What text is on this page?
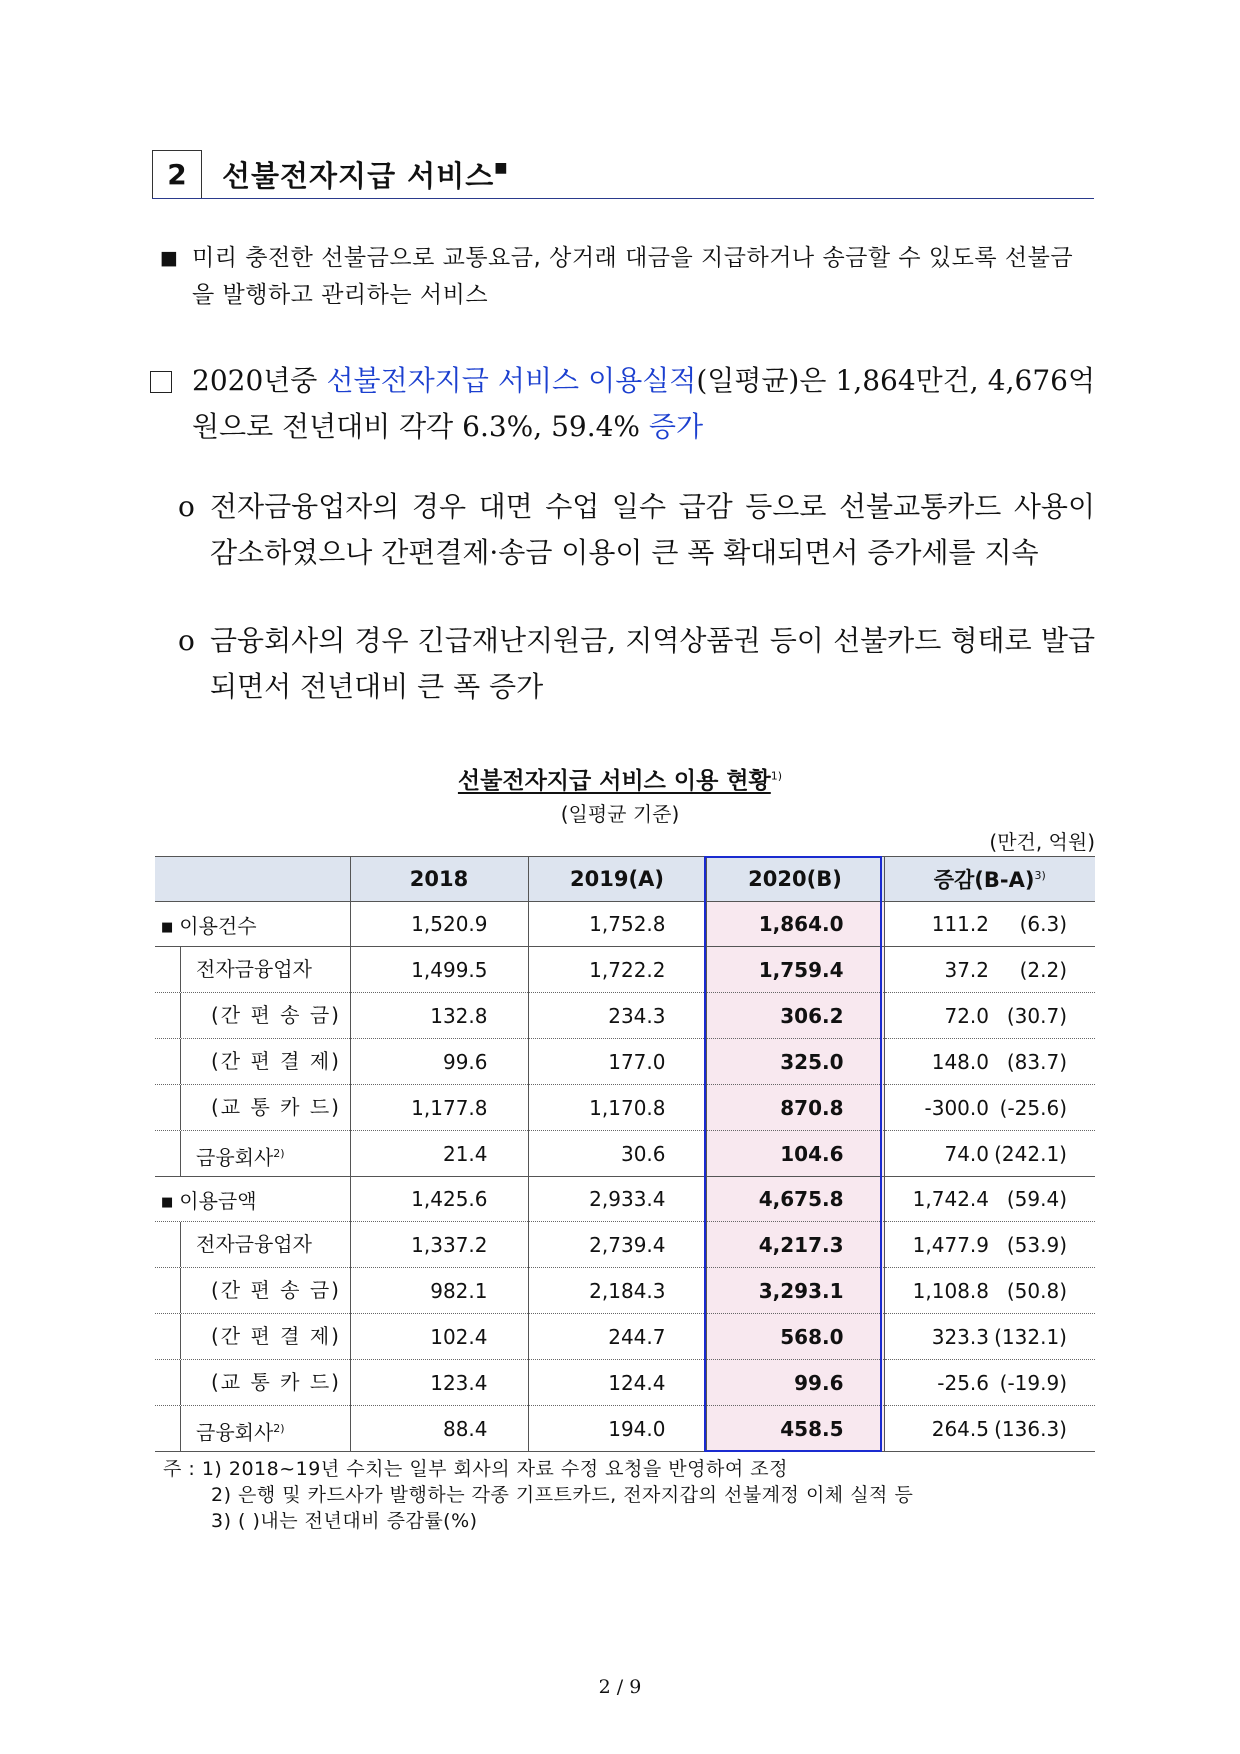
2	선불전자지급 서비스■
■ 미리 충전한 선불금으로 교통요금, 상거래 대금을 지급하거나 송금할 수 있도록 선불금을 발행하고 관리하는 서비스
2020년중 선불전자지급 서비스 이용실적(일평균)은 1,864만건, 4,676억원으로 전년대비 각각 6.3%, 59.4% 증가
o 전자금융업자의 경우 대면 수업 일수 급감 등으로 선불교통카드 사용이 감소하였으나 간편결제·송금 이용이 큰 폭 확대되면서 증가세를 지속
o 금융회사의 경우 긴급재난지원금, 지역상품권 등이 선불카드 형태로 발급되면서 전년대비 큰 폭 증가
선불전자지급 서비스 이용 현황$^{1)}$
(일평균 기준)
(만건, 억원)
	2018	2019(A)	2020(B)	증감$(B-A)^{3)}$
■ 이용건수	1,520.9	1,752.8	1,864.0	111.2 (6.3)

전자금융업자	1,499.5	1,722.2	1,759.4	37.2 (2.2)

(간 편 송 금)	132.8	234.3	306.2	72.0 (30.7)

(간 편 결 제)	99.6	177.0	325.0	148.0 (83.7)

(교 통 카 드)	1,177.8	1,170.8	870.8	-300.0 (-25.6)

금융회사$^{2)}$	21.4	30.6	104.6	74.0 (242.1)
■ 이용금액	1,425.6	2,933.4	4,675.8	1,742.4 (59.4)

전자금융업자	1,337.2	2,739.4	4,217.3	1,477.9 (53.9)

(간 편 송 금)	982.1	2,184.3	3,293.1	1,108.8 (50.8)

(간 편 결 제)	102.4	244.7	568.0	323.3 (132.1)

(교 통 카 드)	123.4	124.4	99.6	-25.6 (-19.9)

금융회사$^{2)}$	88.4	194.0	458.5	264.5 (136.3)
주 : 1) 2018~19년 수치는 일부 회사의 자료 수정 요청을 반영하여 조정
2) 은행 및 카드사가 발행하는 각종 기프트카드, 전자지갑의 선불계정 이체 실적 등
3) ( )내는 전년대비 증감률(%)
2 / 9
